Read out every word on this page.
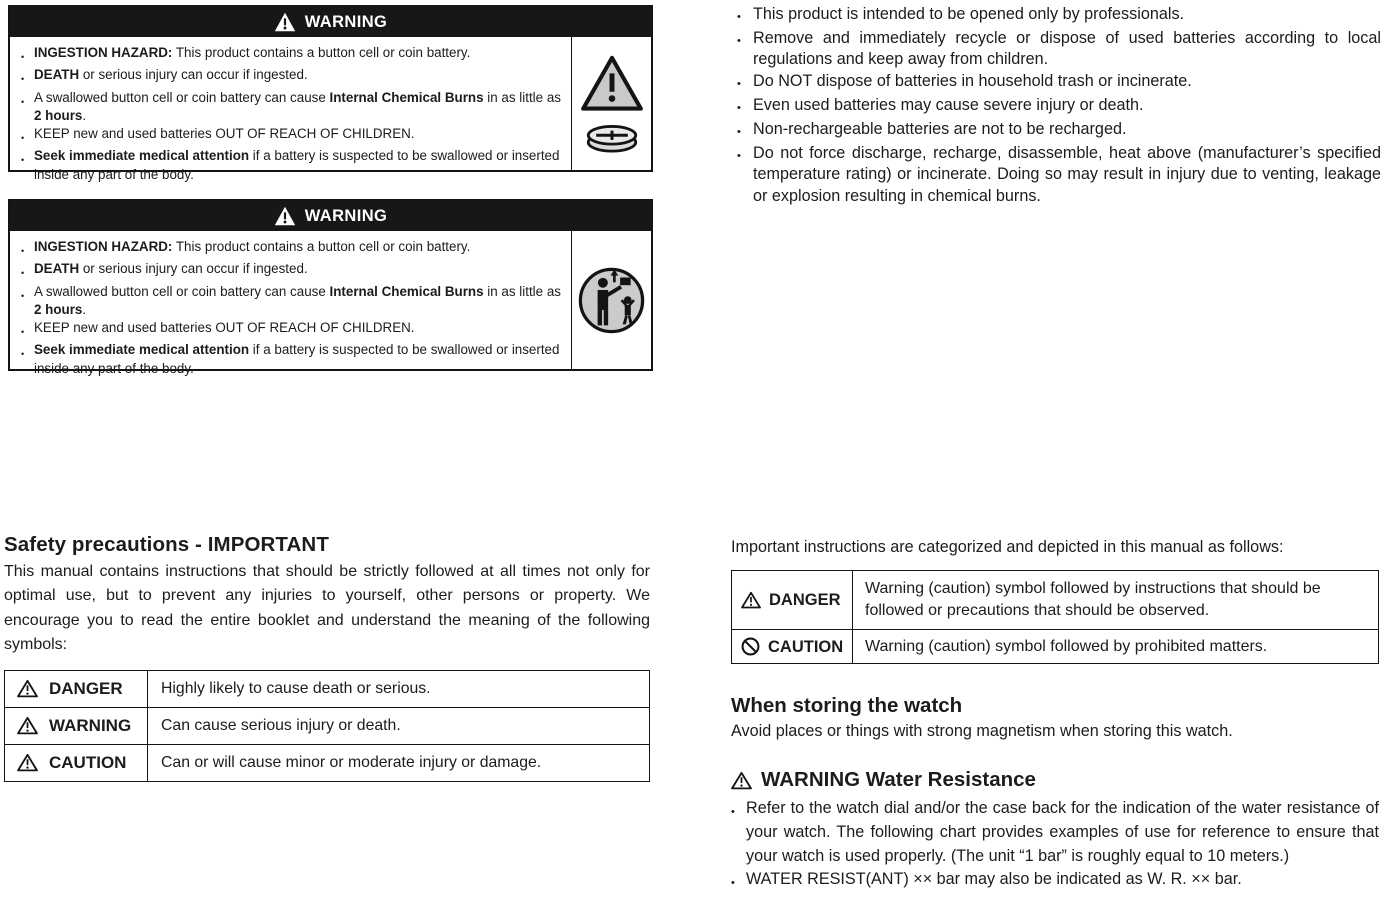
WARNING
• INGESTION HAZARD: This product contains a button cell or coin battery.
• DEATH or serious injury can occur if ingested.
• A swallowed button cell or coin battery can cause Internal Chemical Burns in as little as 2 hours.
• KEEP new and used batteries OUT OF REACH OF CHILDREN.
• Seek immediate medical attention if a battery is suspected to be swallowed or inserted inside any part of the body.
WARNING
• INGESTION HAZARD: This product contains a button cell or coin battery.
• DEATH or serious injury can occur if ingested.
• A swallowed button cell or coin battery can cause Internal Chemical Burns in as little as 2 hours.
• KEEP new and used batteries OUT OF REACH OF CHILDREN.
• Seek immediate medical attention if a battery is suspected to be swallowed or inserted inside any part of the body.
• This product is intended to be opened only by professionals.
• Remove and immediately recycle or dispose of used batteries according to local regulations and keep away from children.
• Do NOT dispose of batteries in household trash or incinerate.
• Even used batteries may cause severe injury or death.
• Non-rechargeable batteries are not to be recharged.
• Do not force discharge, recharge, disassemble, heat above (manufacturer’s specified temperature rating) or incinerate. Doing so may result in injury due to venting, leakage or explosion resulting in chemical burns.
Safety precautions - IMPORTANT

This manual contains instructions that should be strictly followed at all times not only for optimal use, but to prevent any injuries to yourself, other persons or property. We encourage you to read the entire booklet and understand the meaning of the following symbols:

DANGER	Highly likely to cause death or serious.
WARNING	Can cause serious injury or death.
CAUTION	Can or will cause minor or moderate injury or damage.

Important instructions are categorized and depicted in this manual as follows:

DANGER	Warning (caution) symbol followed by instructions that should be followed or precautions that should be observed.
CAUTION	Warning (caution) symbol followed by prohibited matters.
When storing the watch

Avoid places or things with strong magnetism when storing this watch.

WARNING Water Resistance
• Refer to the watch dial and/or the case back for the indication of the water resistance of your watch. The following chart provides examples of use for reference to ensure that your watch is used properly. (The unit “1 bar” is roughly equal to 10 meters.)
• WATER RESIST(ANT) ×× bar may also be indicated as W. R. ×× bar.
